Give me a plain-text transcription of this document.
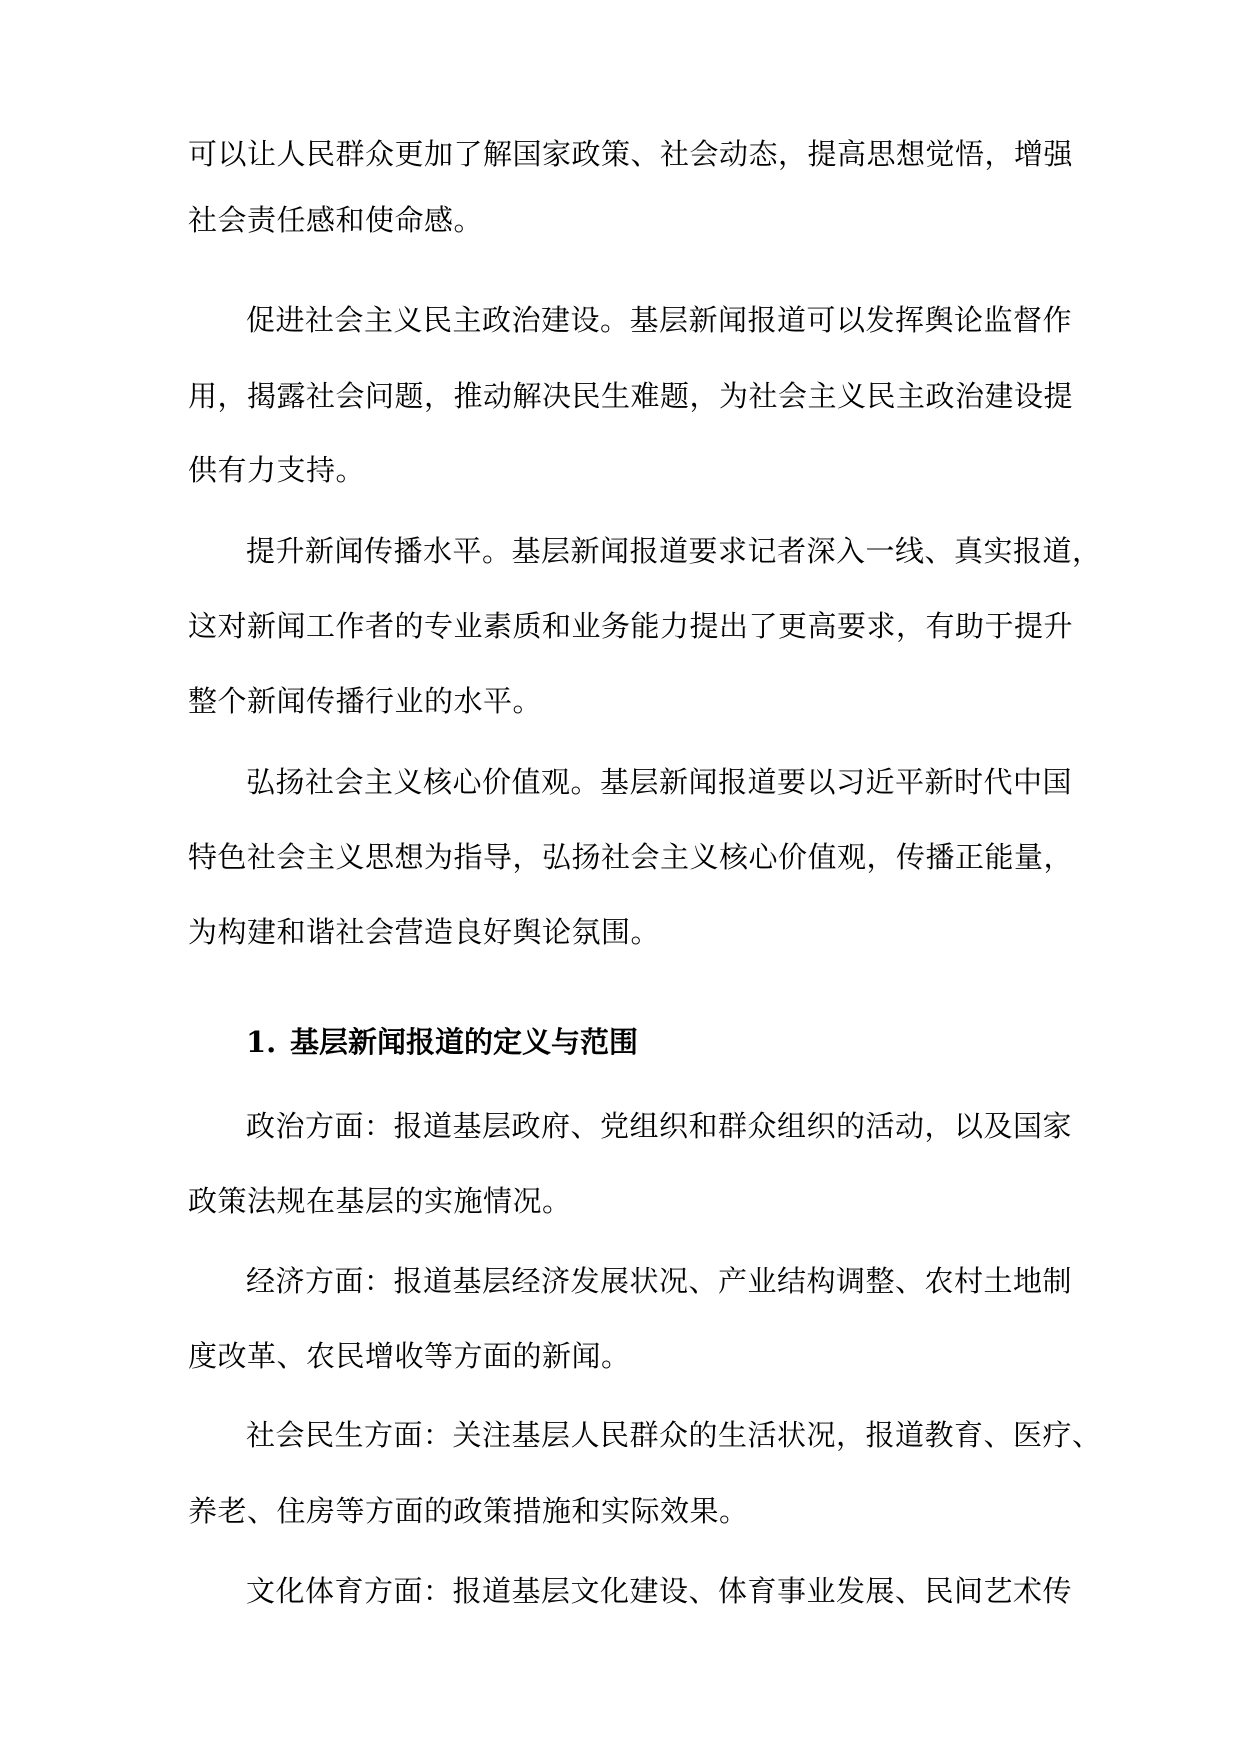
可以让人民群众更加了解国家政策、社会动态，提高思想觉悟，增强
社会责任感和使命感。
促进社会主义民主政治建设。基层新闻报道可以发挥舆论监督作
用，揭露社会问题，推动解决民生难题，为社会主义民主政治建设提
供有力支持。
提升新闻传播水平。基层新闻报道要求记者深入一线、真实报道，
这对新闻工作者的专业素质和业务能力提出了更高要求，有助于提升
整个新闻传播行业的水平。
弘扬社会主义核心价值观。基层新闻报道要以习近平新时代中国
特色社会主义思想为指导，弘扬社会主义核心价值观，传播正能量，
为构建和谐社会营造良好舆论氛围。
1. 基层新闻报道的定义与范围
政治方面：报道基层政府、党组织和群众组织的活动，以及国家
政策法规在基层的实施情况。
经济方面：报道基层经济发展状况、产业结构调整、农村土地制
度改革、农民增收等方面的新闻。
社会民生方面：关注基层人民群众的生活状况，报道教育、医疗、
养老、住房等方面的政策措施和实际效果。
文化体育方面：报道基层文化建设、体育事业发展、民间艺术传
